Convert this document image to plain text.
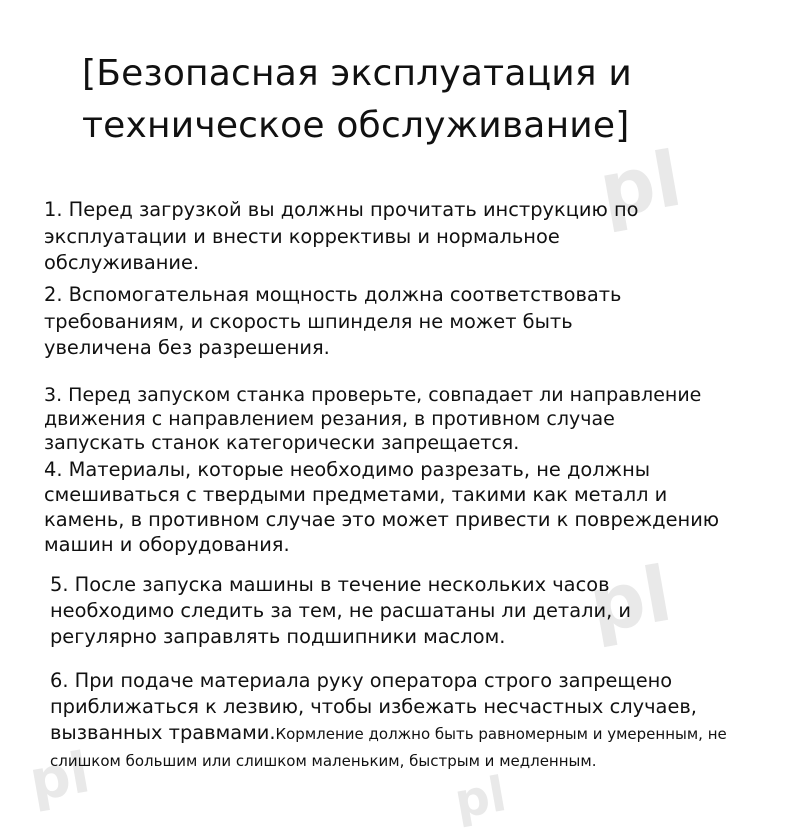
pl
pl
pl	pl
[Безопасная эксплуатация и
техническое обслуживание]

1. Перед загрузкой вы должны прочитать инструкцию по
эксплуатации и внести коррективы и нормальное
обслуживание.

2. Вспомогательная мощность должна соответствовать
требованиям, и скорость шпинделя не может быть
увеличена без разрешения.

3. Перед запуском станка проверьте, совпадает ли направление
движения с направлением резания, в противном случае
запускать станок категорически запрещается.

4. Материалы, которые необходимо разрезать, не должны
смешиваться с твердыми предметами, такими как металл и
камень, в противном случае это может привести к повреждению
машин и оборудования.

5. После запуска машины в течение нескольких часов
необходимо следить за тем, не расшатаны ли детали, и
регулярно заправлять подшипники маслом.

6. При подаче материала руку оператора строго запрещено
приближаться к лезвию, чтобы избежать несчастных случаев,
вызванных травмами.Кормление должно быть равномерным и умеренным, не
слишком большим или слишком маленьким, быстрым и медленным.
